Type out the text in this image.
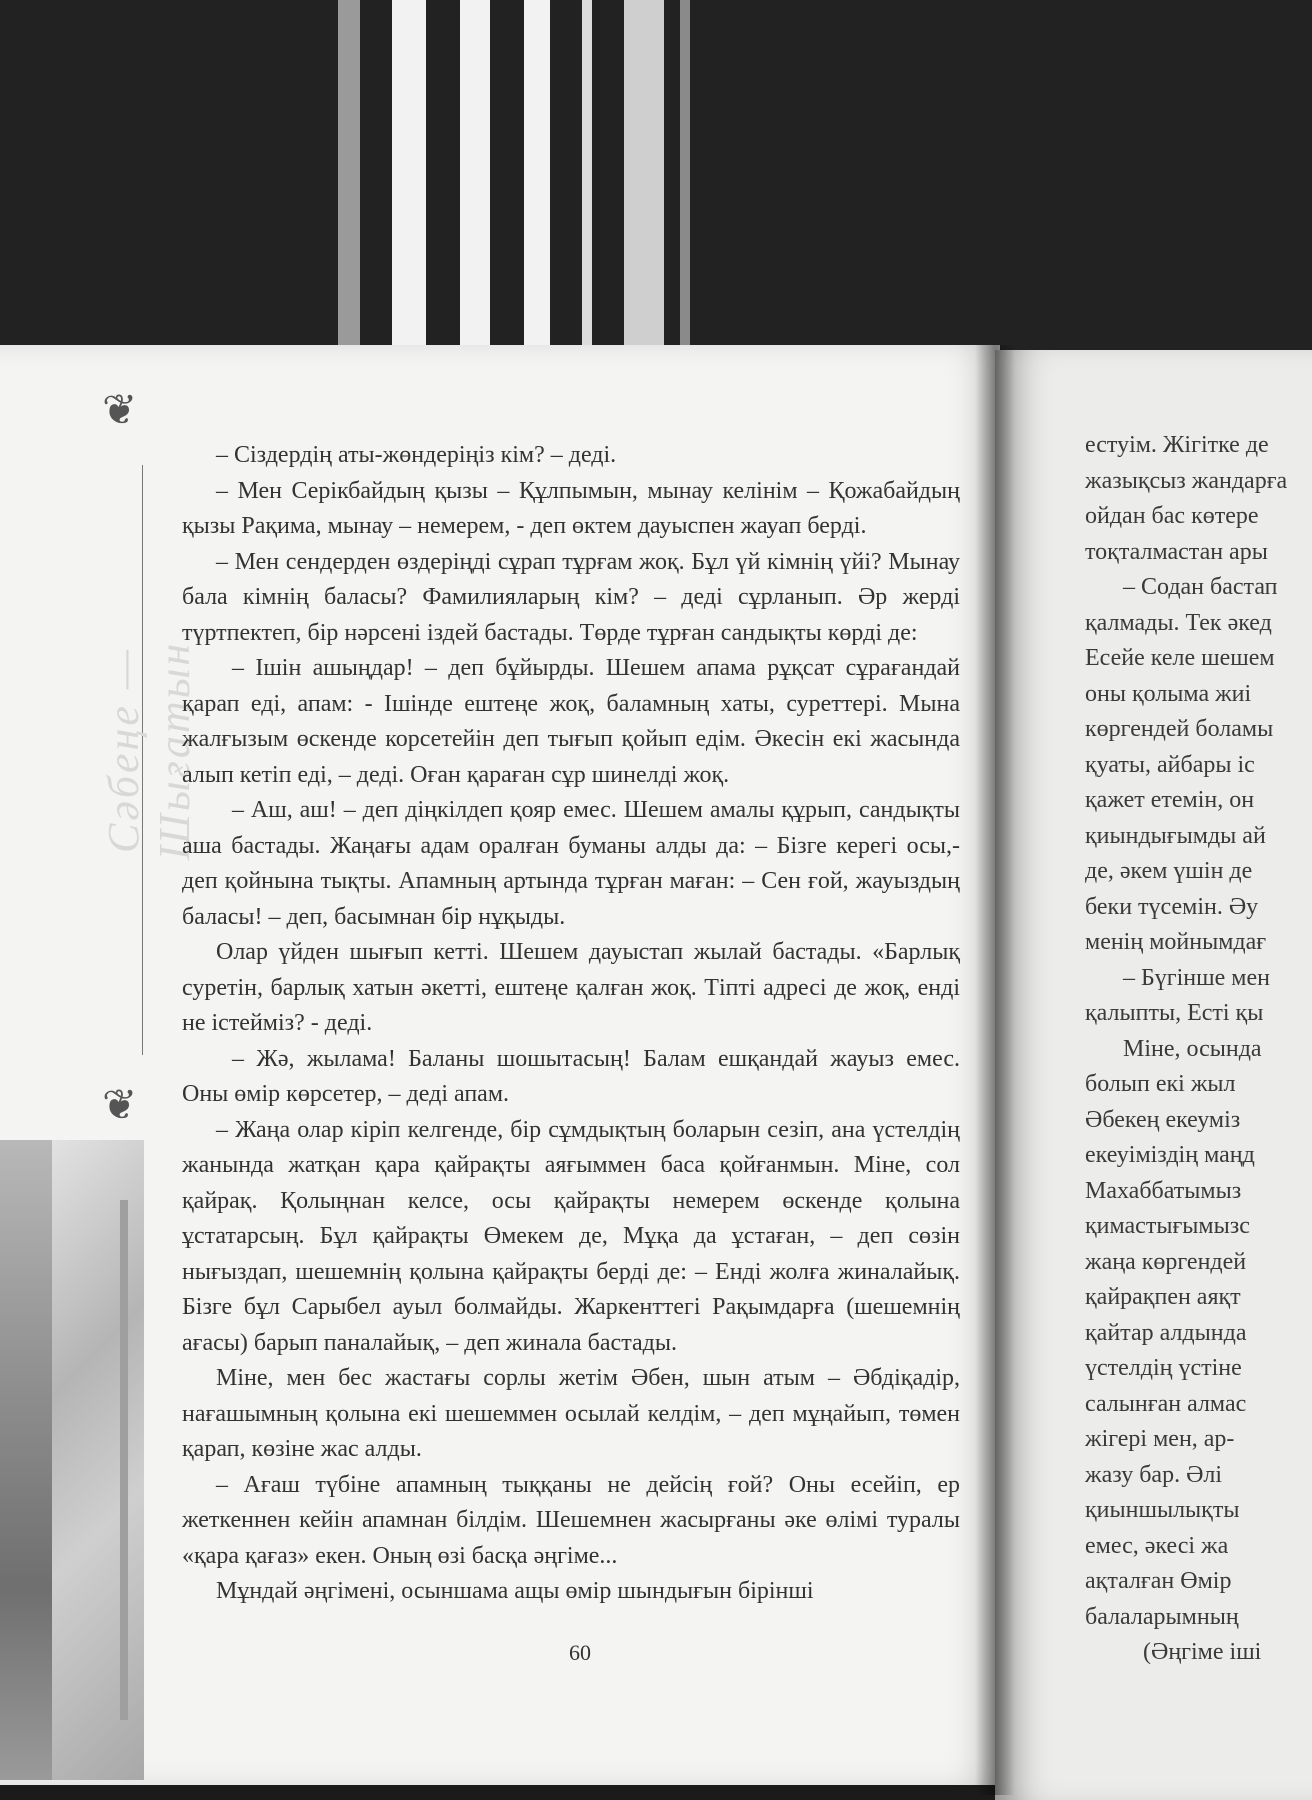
естуім. Жігітке де
жазықсыз жандарға
ойдан бас көтере
тоқталмастан ары
– Содан бастап
қалмады. Тек әкед
Есейе келе шешем
оны қолыма жиі
көргендей боламы
қуаты, айбары іс
қажет етемін, он
қиындығымды ай
де, әкем үшін де
беки түсемін. Әу
менің мойнымдағ
– Бүгінше мен
қалыпты, Есті қы
Міне, осында
болып екі жыл
Әбекең екеуміз
екеуіміздің маңд
Махаббатымыз
қимастығымызс
жаңа көргендей
қайрақпен аяқт
қайтар алдында
үстелдің үстіне
салынған алмас
жігері мен, ар-
жазу бар. Әлі
қиыншылықты
емес, әкесі жа
ақталған Өмір
балаларымның
(Әңгіме іші
❦
Сәбеңе — Шығатын
❦

– Сіздердің аты-жөндеріңіз кім? – деді.

– Мен Серікбайдың қызы – Құлпымын, мынау келінім – Қожабайдың қызы Рақима, мынау – немерем, - деп өктем дауыспен жауап берді.

– Мен сендерден өздеріңді сұрап тұрғам жоқ. Бұл үй кімнің үйі? Мынау бала кімнің баласы? Фамилияларың кім? – деді сұрланып. Әр жерді түртпектеп, бір нәрсені іздей бастады. Төрде тұрған сандықты көрді де:

– Ішін ашыңдар! – деп бұйырды. Шешем апама рұқсат сұрағандай қарап еді, апам: - Ішінде ештеңе жоқ, баламның хаты, суреттері. Мына жалғызым өскенде корсетейін деп тығып қойып едім. Әкесін екі жасында алып кетіп еді, – деді. Оған қараған сұр шинелді жоқ.

– Аш, аш! – деп діңкілдеп қояр емес. Шешем амалы құрып, сандықты аша бастады. Жаңағы адам оралған буманы алды да: – Бізге керегі осы,- деп қойнына тықты. Апамның артында тұрған маған: – Сен ғой, жауыздың баласы! – деп, басымнан бір нұқыды.

Олар үйден шығып кетті. Шешем дауыстап жылай бастады. «Барлық суретін, барлық хатын әкетті, ештеңе қалған жоқ. Тіпті адресі де жоқ, енді не істейміз? - деді.

– Жә, жылама! Баланы шошытасың! Балам ешқандай жауыз емес. Оны өмір көрсетер, – деді апам.

– Жаңа олар кіріп келгенде, бір сұмдықтың боларын сезіп, ана үстелдің жанында жатқан қара қайрақты аяғыммен баса қойғанмын. Міне, сол қайрақ. Қолыңнан келсе, осы қайрақты немерем өскенде қолына ұстатарсың. Бұл қайрақты Өмекем де, Мұқа да ұстаған, – деп сөзін нығыздап, шешемнің қолына қайрақты берді де: – Енді жолға жиналайық. Бізге бұл Сарыбел ауыл болмайды. Жаркенттегі Рақымдарға (шешемнің ағасы) барып паналайық, – деп жинала бастады.

Міне, мен бес жастағы сорлы жетім Әбен, шын атым – Әбдіқадір, нағашымның қолына екі шешеммен осылай келдім, – деп мұңайып, төмен қарап, көзіне жас алды.

– Ағаш түбіне апамның тыққаны не дейсің ғой? Оны есейіп, ер жеткеннен кейін апамнан білдім. Шешемнен жасырғаны әке өлімі туралы «қара қағаз» екен. Оның өзі басқа әңгіме...

Мұндай әңгімені, осыншама ащы өмір шындығын бірінші

60
